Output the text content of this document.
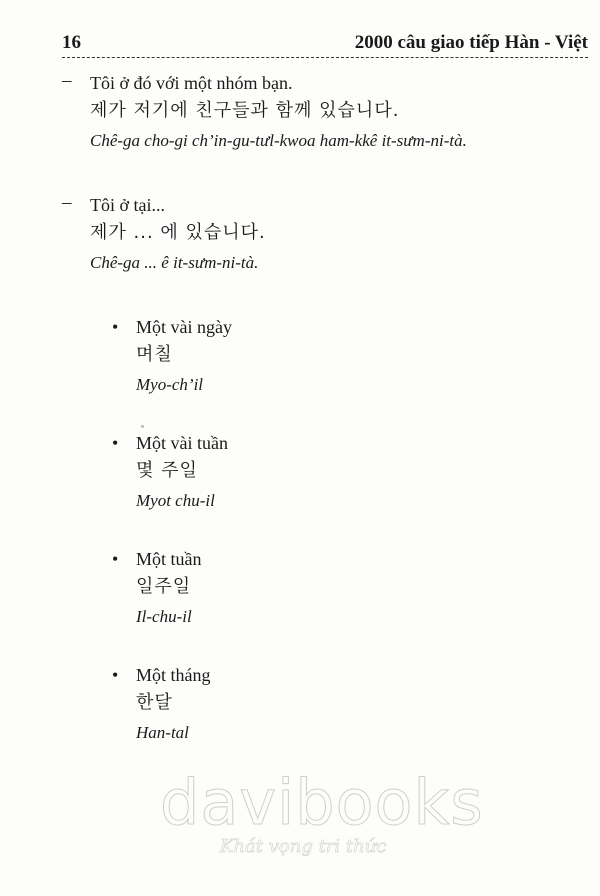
16	2000 câu giao tiếp Hàn - Việt
– Tôi ở đó với một nhóm bạn.
제가 저기에 친구들과 함께 있습니다.
Chê-ga cho-gi ch’in-gu-tưl-kwoa ham-kkê it-sưm-ni-tà.
– Tôi ở tại...
제가 ... 에 있습니다.
Chê-ga ... ê it-sưm-ni-tà.
• Một vài ngày
며칠
Myo-ch’il
• Một vài tuần
몇 주일
Myot chu-il
• Một tuần
일주일
Il-chu-il
• Một tháng
한달
Han-tal
davibooks
Khát vọng tri thức
